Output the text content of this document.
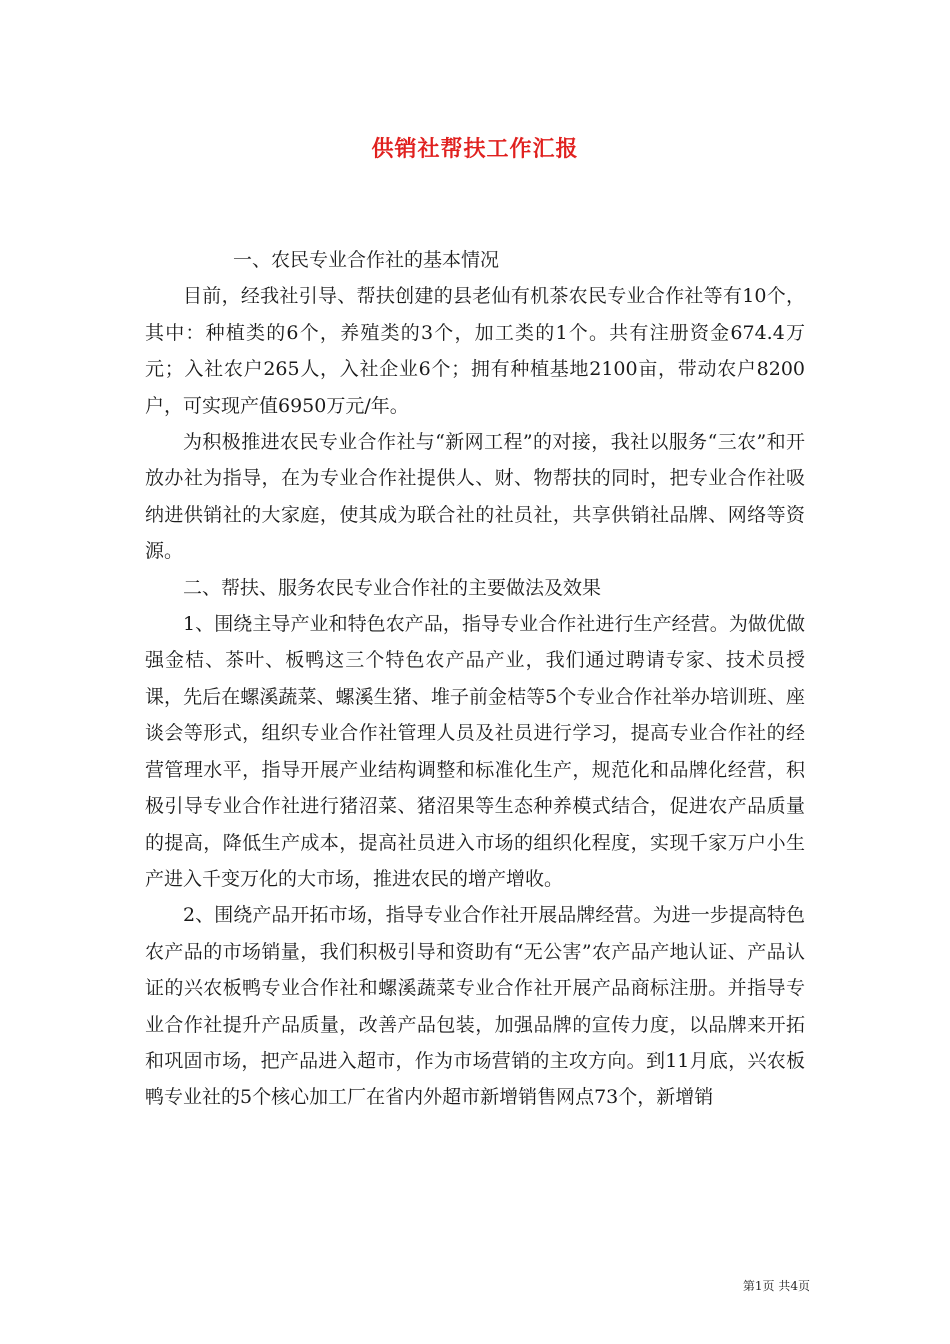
供销社帮扶工作汇报

一、农民专业合作社的基本情况

目前，经我社引导、帮扶创建的县老仙有机茶农民专业合作社等有10个，其中：种植类的6个，养殖类的3个，加工类的1个。共有注册资金674.4万元；入社农户265人，入社企业6个；拥有种植基地2100亩，带动农户8200户，可实现产值6950万元/年。

为积极推进农民专业合作社与“新网工程”的对接，我社以服务“三农”和开放办社为指导，在为专业合作社提供人、财、物帮扶的同时，把专业合作社吸纳进供销社的大家庭，使其成为联合社的社员社，共享供销社品牌、网络等资源。

二、帮扶、服务农民专业合作社的主要做法及效果

1、围绕主导产业和特色农产品，指导专业合作社进行生产经营。为做优做强金桔、茶叶、板鸭这三个特色农产品产业，我们通过聘请专家、技术员授课，先后在螺溪蔬菜、螺溪生猪、堆子前金桔等5个专业合作社举办培训班、座谈会等形式，组织专业合作社管理人员及社员进行学习，提高专业合作社的经营管理水平，指导开展产业结构调整和标准化生产，规范化和品牌化经营，积极引导专业合作社进行猪沼菜、猪沼果等生态种养模式结合，促进农产品质量的提高，降低生产成本，提高社员进入市场的组织化程度，实现千家万户小生产进入千变万化的大市场，推进农民的增产增收。

2、围绕产品开拓市场，指导专业合作社开展品牌经营。为进一步提高特色农产品的市场销量，我们积极引导和资助有“无公害”农产品产地认证、产品认证的兴农板鸭专业合作社和螺溪蔬菜专业合作社开展产品商标注册。并指导专业合作社提升产品质量，改善产品包装，加强品牌的宣传力度，以品牌来开拓和巩固市场，把产品进入超市，作为市场营销的主攻方向。到11月底，兴农板鸭专业社的5个核心加工厂在省内外超市新增销售网点73个，新增销

第1页 共4页
